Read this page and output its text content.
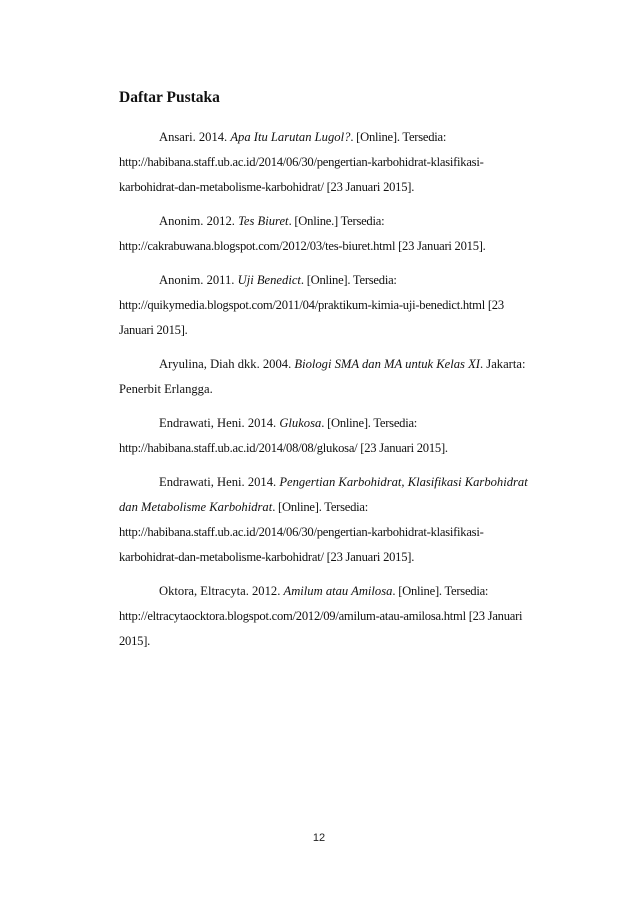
Daftar Pustaka

Ansari. 2014. Apa Itu Larutan Lugol?. [Online]. Tersedia: http://habibana.staff.ub.ac.id/2014/06/30/pengertian-karbohidrat-klasifikasi-karbohidrat-dan-metabolisme-karbohidrat/ [23 Januari 2015].

Anonim. 2012. Tes Biuret. [Online.] Tersedia: http://cakrabuwana.blogspot.com/2012/03/tes-biuret.html [23 Januari 2015].

Anonim. 2011. Uji Benedict. [Online]. Tersedia: http://quikymedia.blogspot.com/2011/04/praktikum-kimia-uji-benedict.html [23 Januari 2015].

Aryulina, Diah dkk. 2004. Biologi SMA dan MA untuk Kelas XI. Jakarta: Penerbit Erlangga.

Endrawati, Heni. 2014. Glukosa. [Online]. Tersedia: http://habibana.staff.ub.ac.id/2014/08/08/glukosa/ [23 Januari 2015].

Endrawati, Heni. 2014. Pengertian Karbohidrat, Klasifikasi Karbohidrat dan Metabolisme Karbohidrat. [Online]. Tersedia: http://habibana.staff.ub.ac.id/2014/06/30/pengertian-karbohidrat-klasifikasi-karbohidrat-dan-metabolisme-karbohidrat/ [23 Januari 2015].

Oktora, Eltracyta. 2012. Amilum atau Amilosa. [Online]. Tersedia: http://eltracytaocktora.blogspot.com/2012/09/amilum-atau-amilosa.html [23 Januari 2015].

12
